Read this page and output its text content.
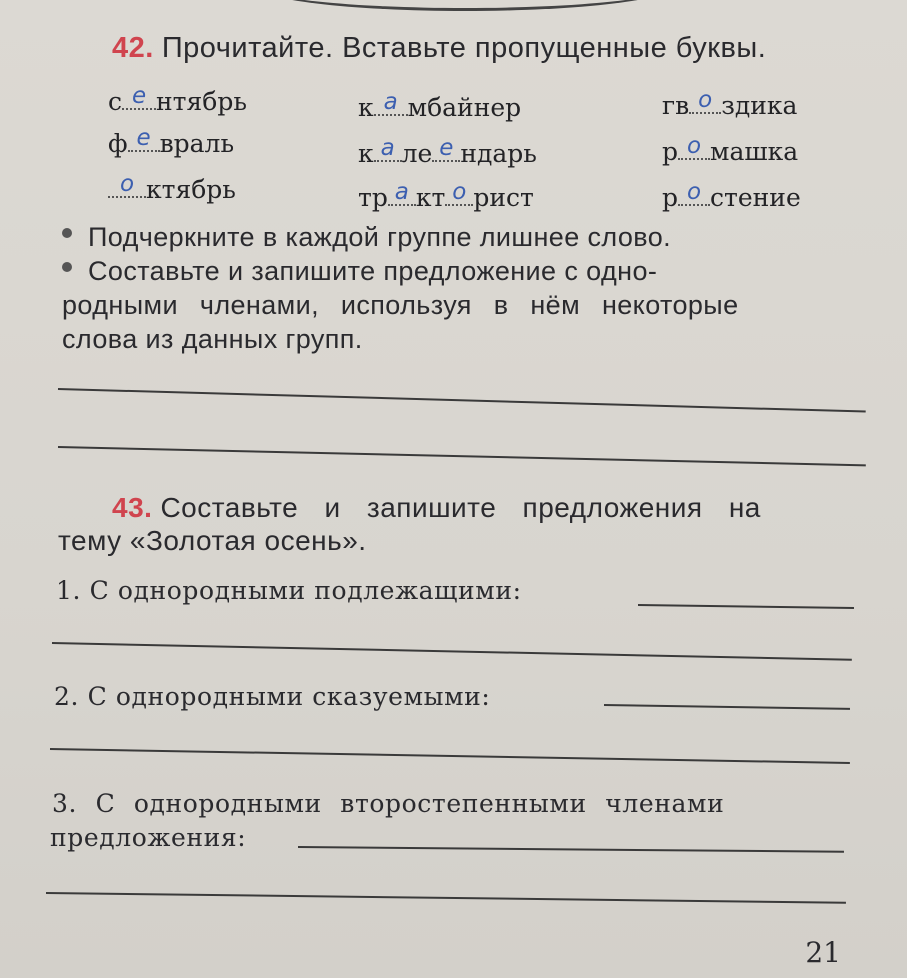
42. Прочитайте. Вставьте пропущенные буквы.
с е нтябрь	к а мбайнер	гв о здика
ф е враль	к а ле е ндарь	р о машка
о ктябрь	тр а кт о рист	р о стение
Подчеркните в каждой группе лишнее слово.
Составьте и запишите предложение с одно-
родными членами, используя в нём некоторые
слова из данных групп.
43. Составьте и запишите предложения на
тему «Золотая осень».
1. С однородными подлежащими:
2. С однородными сказуемыми:
3. С однородными второстепенными членами
предложения:
21
